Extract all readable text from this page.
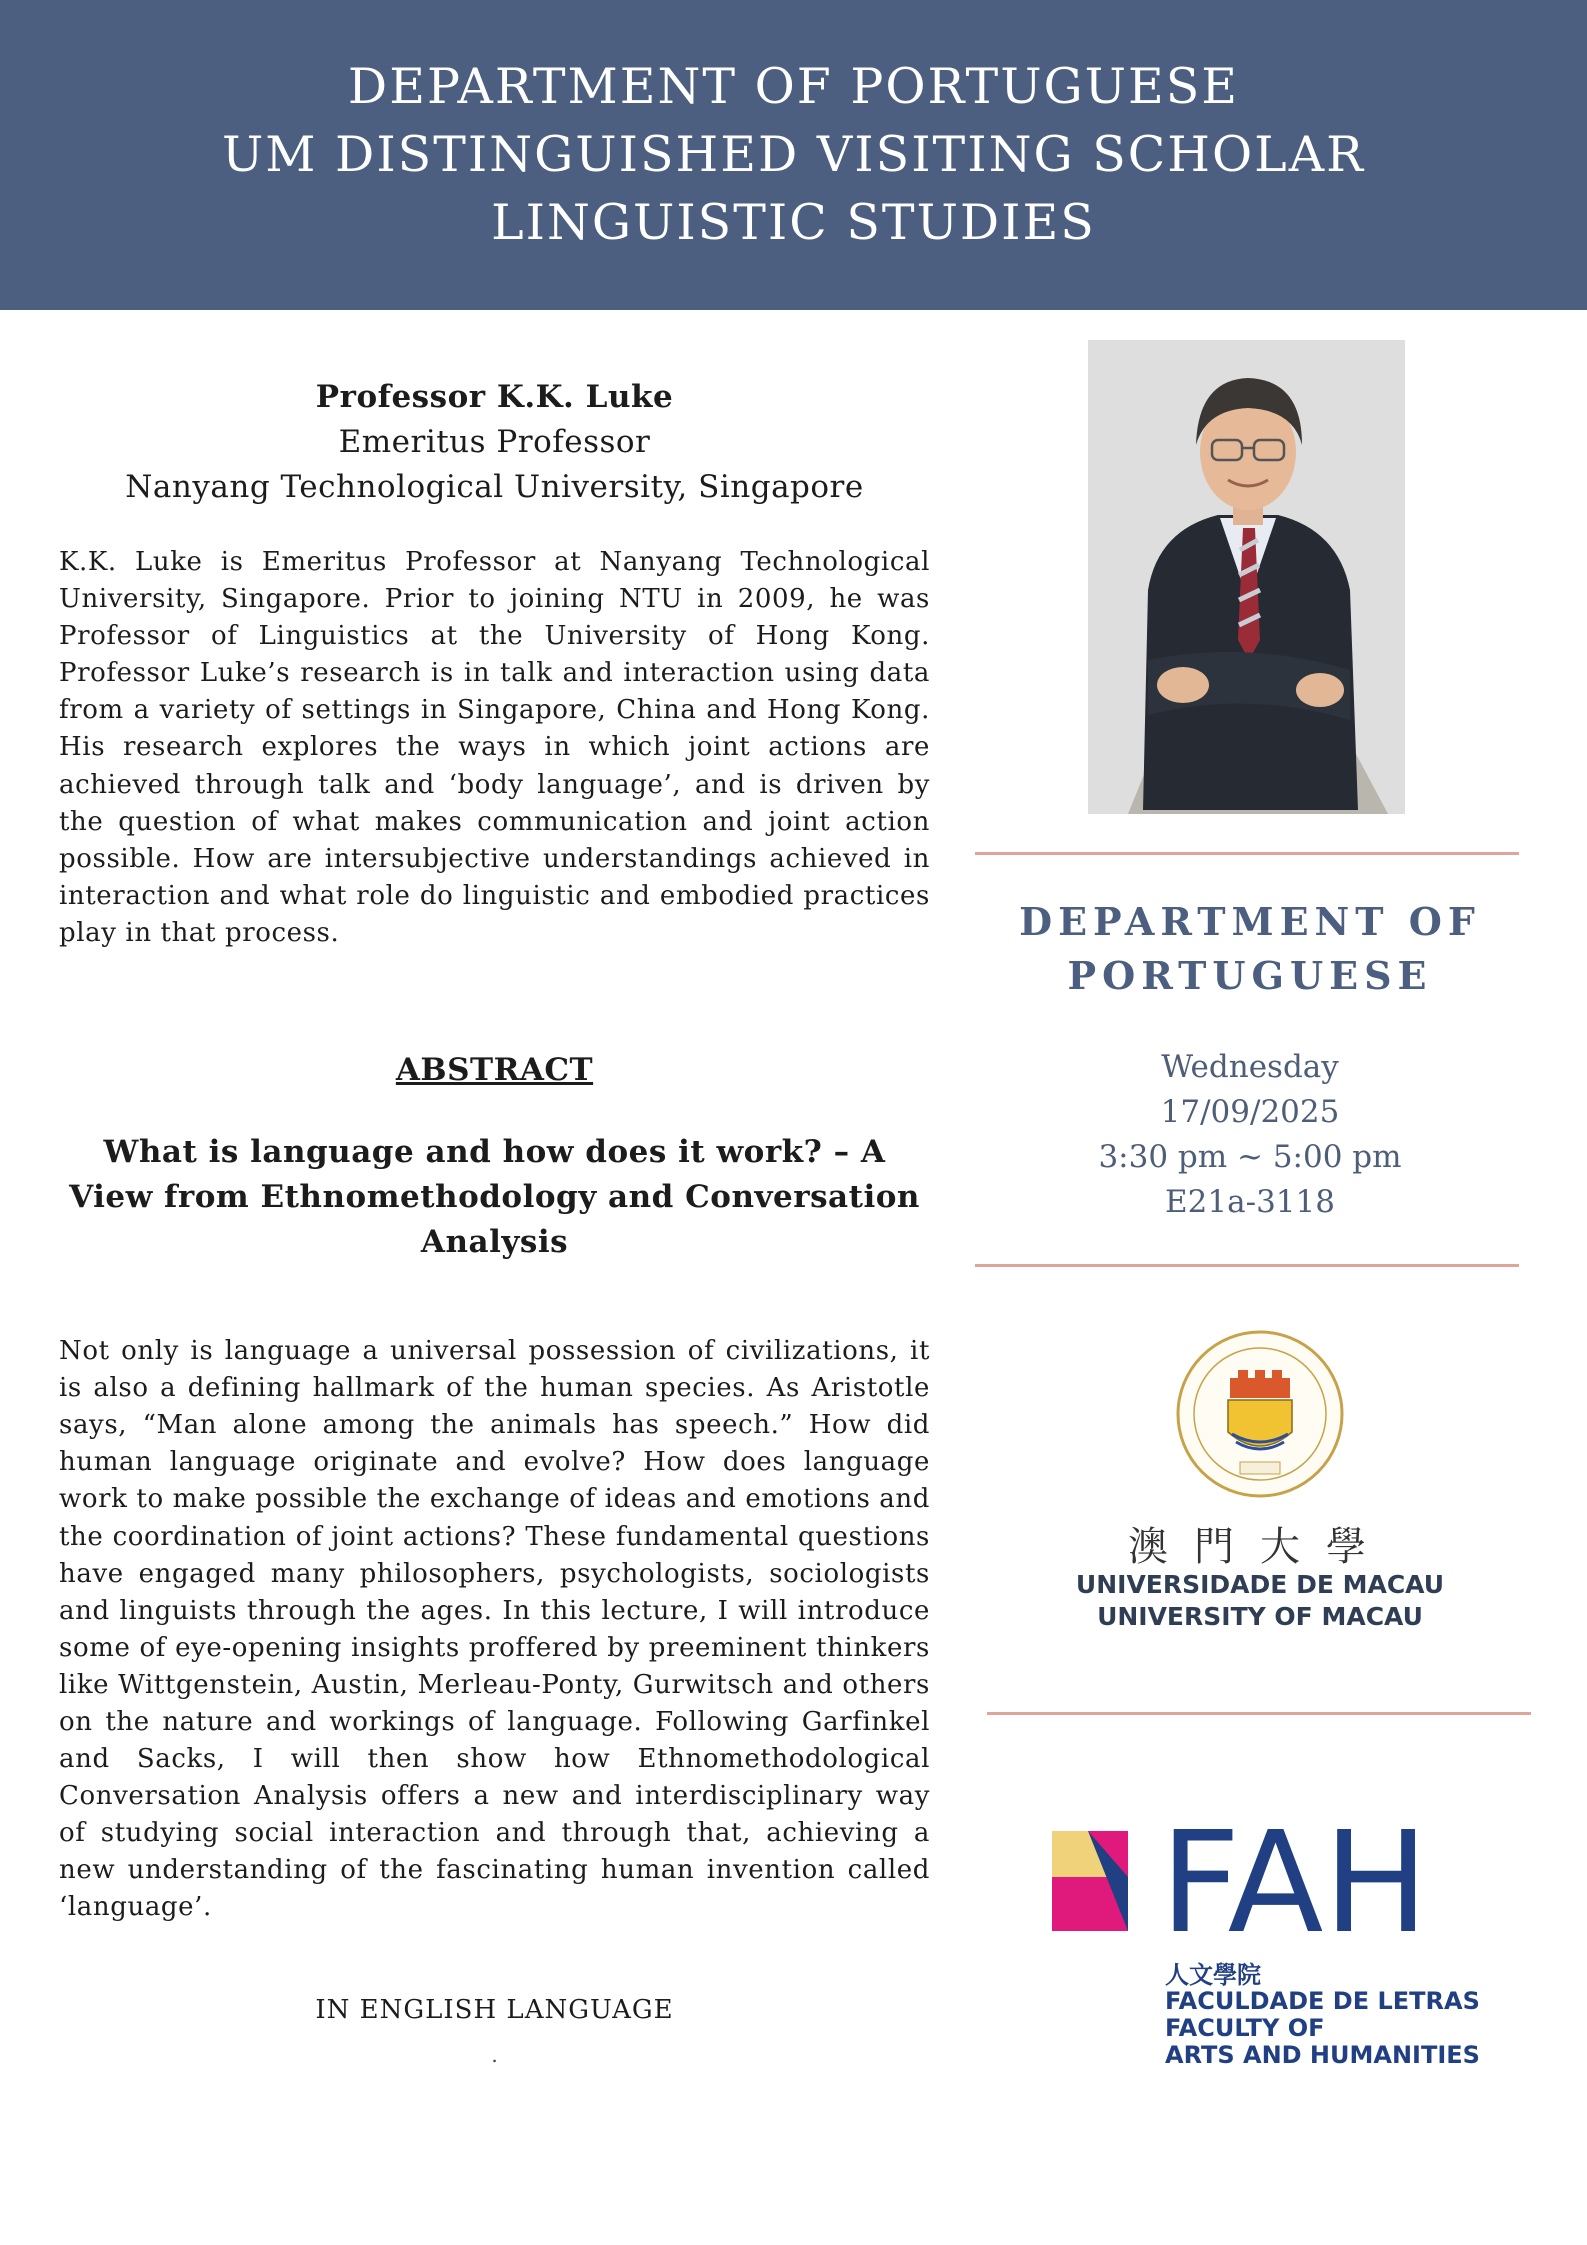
DEPARTMENT OF PORTUGUESE
UM DISTINGUISHED VISITING SCHOLAR
LINGUISTIC STUDIES
Professor K.K. Luke
Emeritus Professor
Nanyang Technological University, Singapore

K.K. Luke is Emeritus Professor at Nanyang Technological University, Singapore. Prior to joining NTU in 2009, he was Professor of Linguistics at the University of Hong Kong. Professor Luke’s research is in talk and interaction using data from a variety of settings in Singapore, China and Hong Kong. His research explores the ways in which joint actions are achieved through talk and ‘body language’, and is driven by the question of what makes communication and joint action possible. How are intersubjective understandings achieved in interaction and what role do linguistic and embodied practices play in that process.

ABSTRACT
What is language and how does it work? – A View from Ethnomethodology and Conversation Analysis

Not only is language a universal possession of civilizations, it is also a defining hallmark of the human species. As Aristotle says, “Man alone among the animals has speech.” How did human language originate and evolve? How does language work to make possible the exchange of ideas and emotions and the coordination of joint actions? These fundamental questions have engaged many philosophers, psychologists, sociologists and linguists through the ages. In this lecture, I will introduce some of eye-opening insights proffered by preeminent thinkers like Wittgenstein, Austin, Merleau-Ponty, Gurwitsch and others on the nature and workings of language. Following Garfinkel and Sacks, I will then show how Ethnomethodological Conversation Analysis offers a new and interdisciplinary way of studying social interaction and through that, achieving a new understanding of the fascinating human invention called ‘language’.

IN ENGLISH LANGUAGE
.
DEPARTMENT OF
PORTUGUESE
Wednesday
17/09/2025
3:30 pm ~ 5:00 pm
E21a-3118
澳門大學
UNIVERSIDADE DE MACAU
UNIVERSITY OF MACAU
FAH
人文學院
FACULDADE DE LETRAS
FACULTY OF
ARTS AND HUMANITIES
